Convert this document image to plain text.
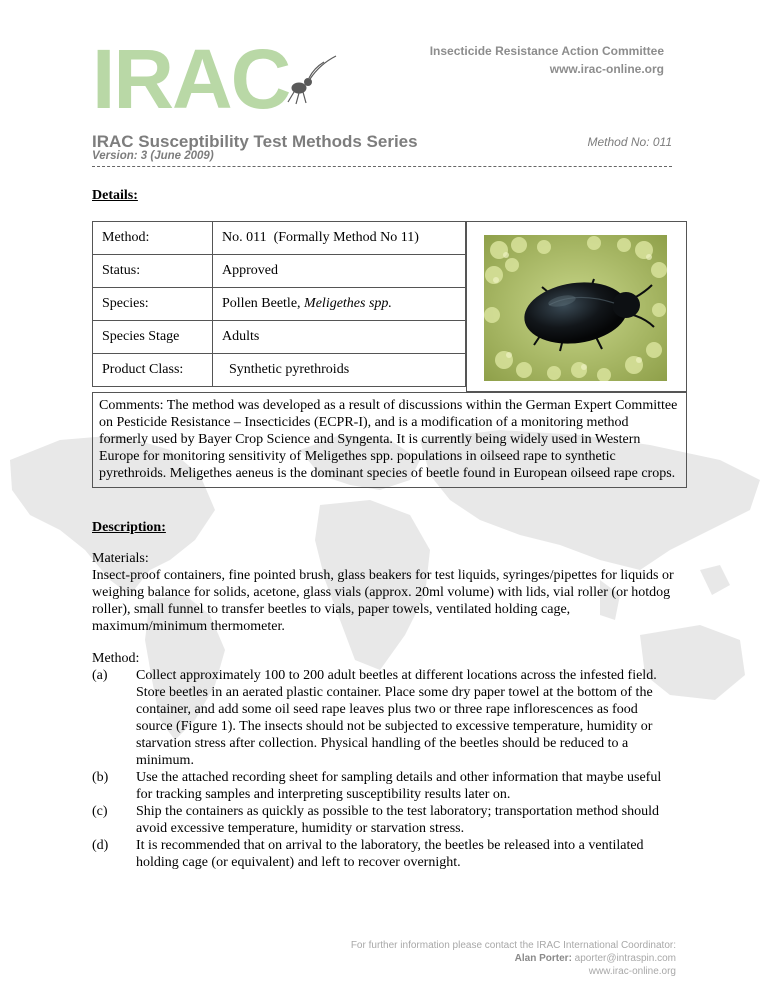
IRAC	Insecticide Resistance Action Committee
www.irac-online.org
IRAC Susceptibility Test Methods Series	Method No: 011
Version: 3 (June 2009)
Details:
Method:	No. 011  (Formally Method No 11)
Status:	Approved
Species:	Pollen Beetle, Meligethes spp.
Species Stage	Adults
Product Class:	Synthetic pyrethroids
Comments: The method was developed as a result of discussions within the German Expert Committee on Pesticide Resistance – Insecticides (ECPR-I), and is a modification of a monitoring method formerly used by Bayer Crop Science and Syngenta. It is currently being widely used in Western Europe for monitoring sensitivity of Meligethes spp. populations in oilseed rape to synthetic pyrethroids. Meligethes aeneus is the dominant species of beetle found in European oilseed rape crops.
Description:
Materials:
Insect-proof containers, fine pointed brush, glass beakers for test liquids, syringes/pipettes for liquids or weighing balance for solids, acetone, glass vials (approx. 20ml volume) with lids, vial roller (or hotdog roller), small funnel to transfer beetles to vials, paper towels, ventilated holding cage, maximum/minimum thermometer.
Method:
(a) Collect approximately 100 to 200 adult beetles at different locations across the infested field. Store beetles in an aerated plastic container. Place some dry paper towel at the bottom of the container, and add some oil seed rape leaves plus two or three rape inflorescences as food source (Figure 1). The insects should not be subjected to excessive temperature, humidity or starvation stress after collection. Physical handling of the beetles should be reduced to a minimum.
(b) Use the attached recording sheet for sampling details and other information that maybe useful for tracking samples and interpreting susceptibility results later on.
(c) Ship the containers as quickly as possible to the test laboratory; transportation method should avoid excessive temperature, humidity or starvation stress.
(d) It is recommended that on arrival to the laboratory, the beetles be released into a ventilated holding cage (or equivalent) and left to recover overnight.
For further information please contact the IRAC International Coordinator:
Alan Porter: aporter@intraspin.com
www.irac-online.org
